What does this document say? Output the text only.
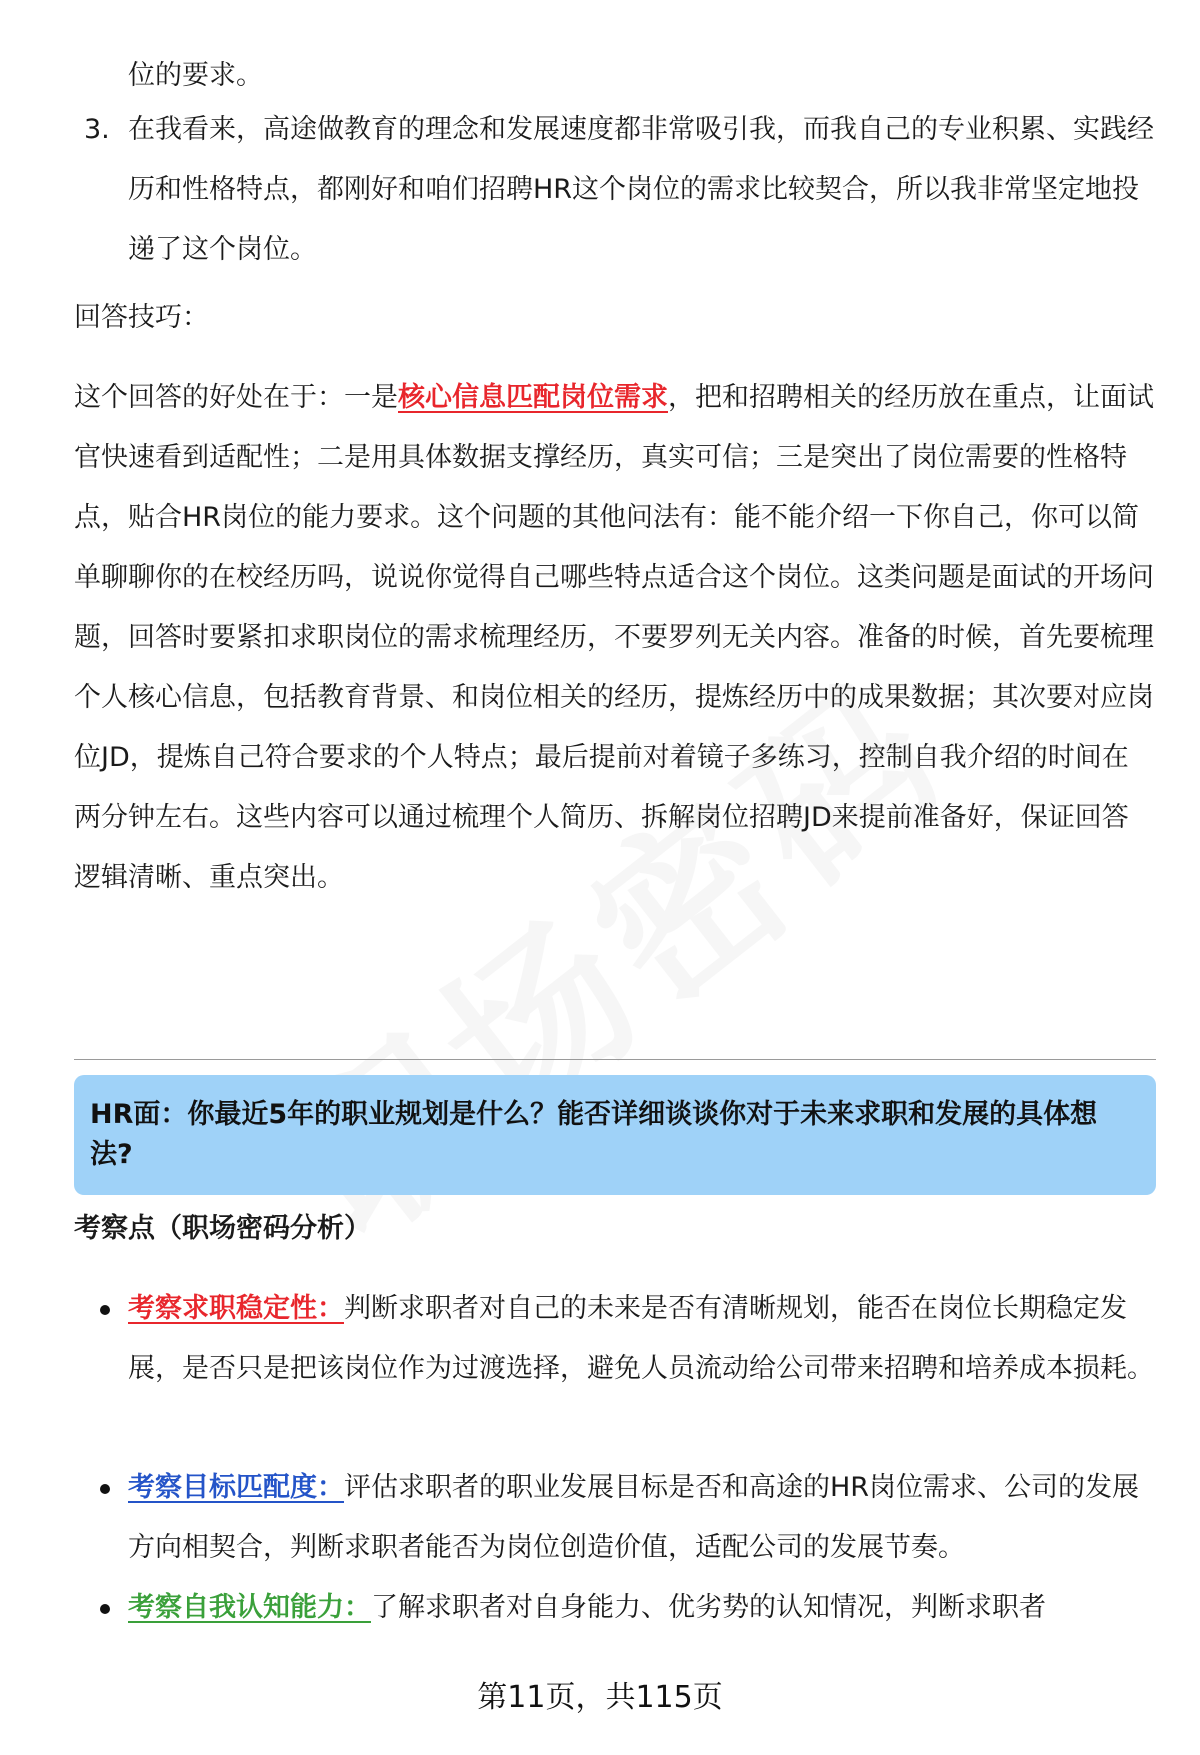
位的要求。

3. 在我看来，高途做教育的理念和发展速度都非常吸引我，而我自己的专业积累、实践经历和性格特点，都刚好和咱们招聘HR这个岗位的需求比较契合，所以我非常坚定地投递了这个岗位。

回答技巧：

这个回答的好处在于：一是核心信息匹配岗位需求，把和招聘相关的经历放在重点，让面试官快速看到适配性；二是用具体数据支撑经历，真实可信；三是突出了岗位需要的性格特点，贴合HR岗位的能力要求。这个问题的其他问法有：能不能介绍一下你自己，你可以简单聊聊你的在校经历吗，说说你觉得自己哪些特点适合这个岗位。这类问题是面试的开场问题，回答时要紧扣求职岗位的需求梳理经历，不要罗列无关内容。准备的时候，首先要梳理个人核心信息，包括教育背景、和岗位相关的经历，提炼经历中的成果数据；其次要对应岗位JD，提炼自己符合要求的个人特点；最后提前对着镜子多练习，控制自我介绍的时间在两分钟左右。这些内容可以通过梳理个人简历、拆解岗位招聘JD来提前准备好，保证回答逻辑清晰、重点突出。

HR面：你最近5年的职业规划是什么？能否详细谈谈你对于未来求职和发展的具体想法?

考察点（职场密码分析）

考察求职稳定性：判断求职者对自己的未来是否有清晰规划，能否在岗位长期稳定发展，是否只是把该岗位作为过渡选择，避免人员流动给公司带来招聘和培养成本损耗。
考察目标匹配度：评估求职者的职业发展目标是否和高途的HR岗位需求、公司的发展方向相契合，判断求职者能否为岗位创造价值，适配公司的发展节奏。
考察自我认知能力：了解求职者对自身能力、优劣势的认知情况，判断求职者
第11页，共115页
